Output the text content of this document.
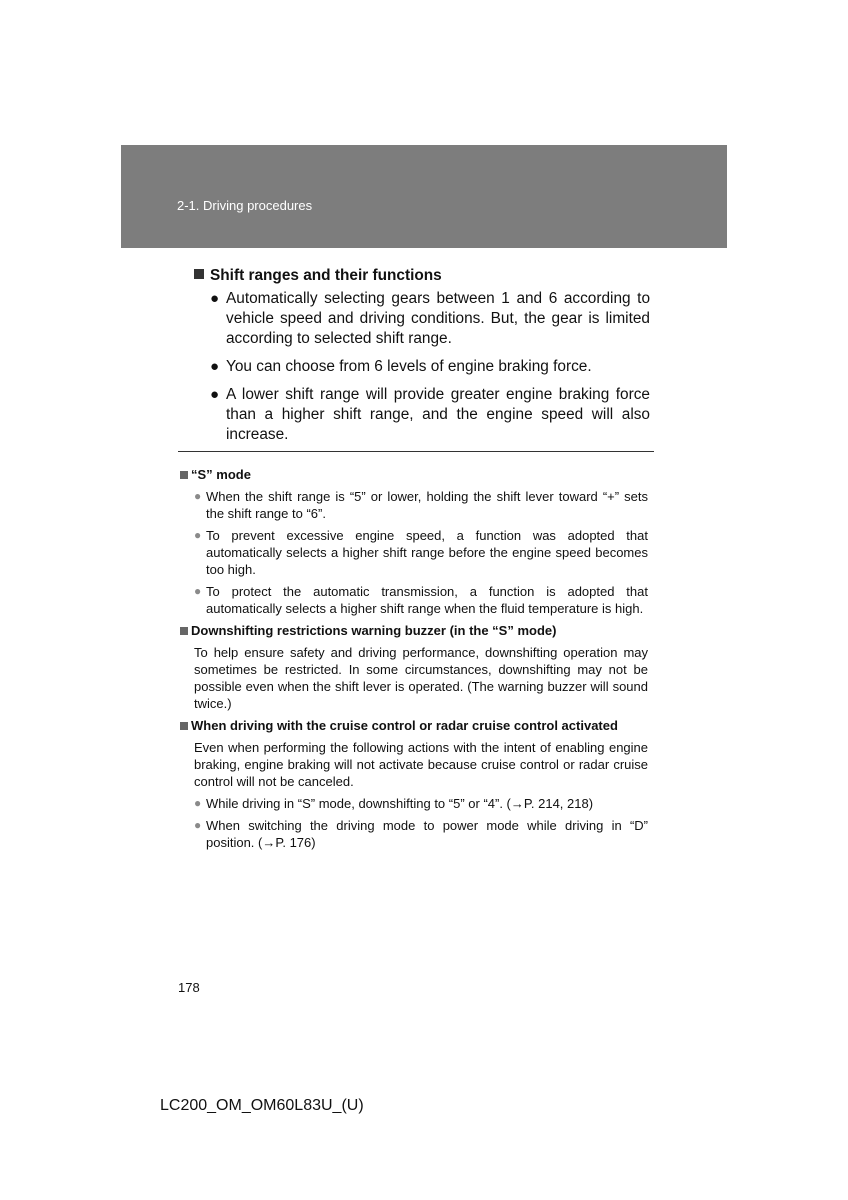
2-1. Driving procedures
Shift ranges and their functions
● Automatically selecting gears between 1 and 6 according to vehicle speed and driving conditions. But, the gear is limited according to selected shift range.
● You can choose from 6 levels of engine braking force.
● A lower shift range will provide greater engine braking force than a higher shift range, and the engine speed will also increase.
“S” mode
● When the shift range is “5” or lower, holding the shift lever toward “+” sets the shift range to “6”.
● To prevent excessive engine speed, a function was adopted that automatically selects a higher shift range before the engine speed becomes too high.
● To protect the automatic transmission, a function is adopted that automatically selects a higher shift range when the fluid temperature is high.
Downshifting restrictions warning buzzer (in the “S” mode)
To help ensure safety and driving performance, downshifting operation may sometimes be restricted. In some circumstances, downshifting may not be possible even when the shift lever is operated. (The warning buzzer will sound twice.)
When driving with the cruise control or radar cruise control activated
Even when performing the following actions with the intent of enabling engine braking, engine braking will not activate because cruise control or radar cruise control will not be canceled.
● While driving in “S” mode, downshifting to “5” or “4”. (→P. 214, 218)
● When switching the driving mode to power mode while driving in “D” position. (→P. 176)
178
LC200_OM_OM60L83U_(U)
